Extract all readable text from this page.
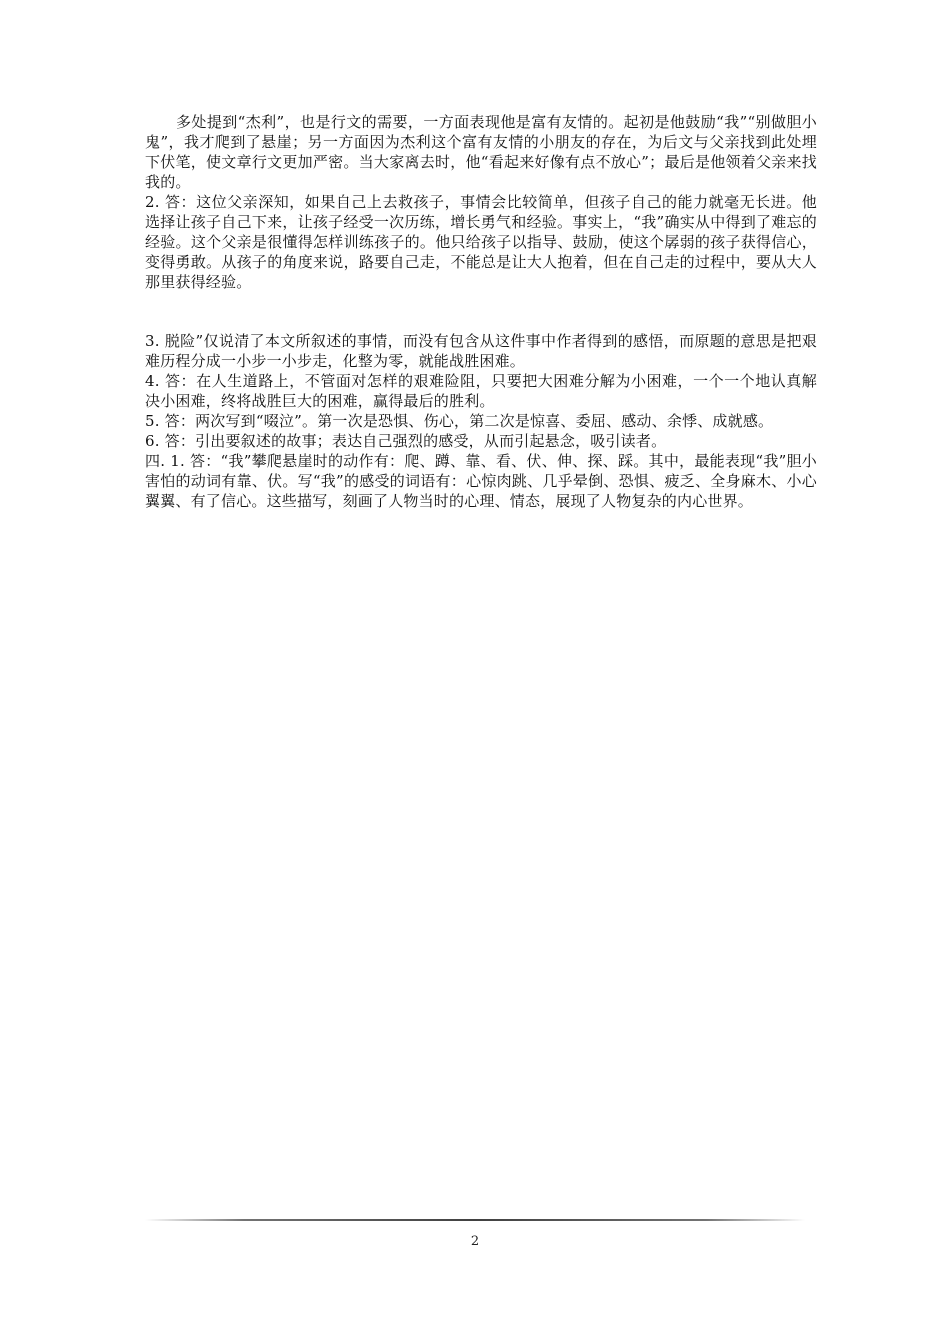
多处提到“杰利”，也是行文的需要，一方面表现他是富有友情的。起初是他鼓励“我”“别做胆小鬼”，我才爬到了悬崖；另一方面因为杰利这个富有友情的小朋友的存在，为后文与父亲找到此处埋下伏笔，使文章行文更加严密。当大家离去时，他“看起来好像有点不放心”；最后是他领着父亲来找我的。

2. 答：这位父亲深知，如果自己上去救孩子，事情会比较简单，但孩子自己的能力就毫无长进。他选择让孩子自己下来，让孩子经受一次历练，增长勇气和经验。事实上，“我”确实从中得到了难忘的经验。这个父亲是很懂得怎样训练孩子的。他只给孩子以指导、鼓励，使这个孱弱的孩子获得信心，变得勇敢。从孩子的角度来说，路要自己走，不能总是让大人抱着，但在自己走的过程中，要从大人那里获得经验。

3. 脱险”仅说清了本文所叙述的事情，而没有包含从这件事中作者得到的感悟，而原题的意思是把艰难历程分成一小步一小步走，化整为零，就能战胜困难。

4. 答：在人生道路上，不管面对怎样的艰难险阻，只要把大困难分解为小困难，一个一个地认真解决小困难，终将战胜巨大的困难，赢得最后的胜利。

5. 答：两次写到“啜泣”。第一次是恐惧、伤心，第二次是惊喜、委屈、感动、余悸、成就感。

6. 答：引出要叙述的故事；表达自己强烈的感受，从而引起悬念，吸引读者。

四. 1. 答：“我”攀爬悬崖时的动作有：爬、蹲、靠、看、伏、伸、探、踩。其中，最能表现“我”胆小害怕的动词有靠、伏。写“我”的感受的词语有：心惊肉跳、几乎晕倒、恐惧、疲乏、全身麻木、小心翼翼、有了信心。这些描写，刻画了人物当时的心理、情态，展现了人物复杂的内心世界。

2
